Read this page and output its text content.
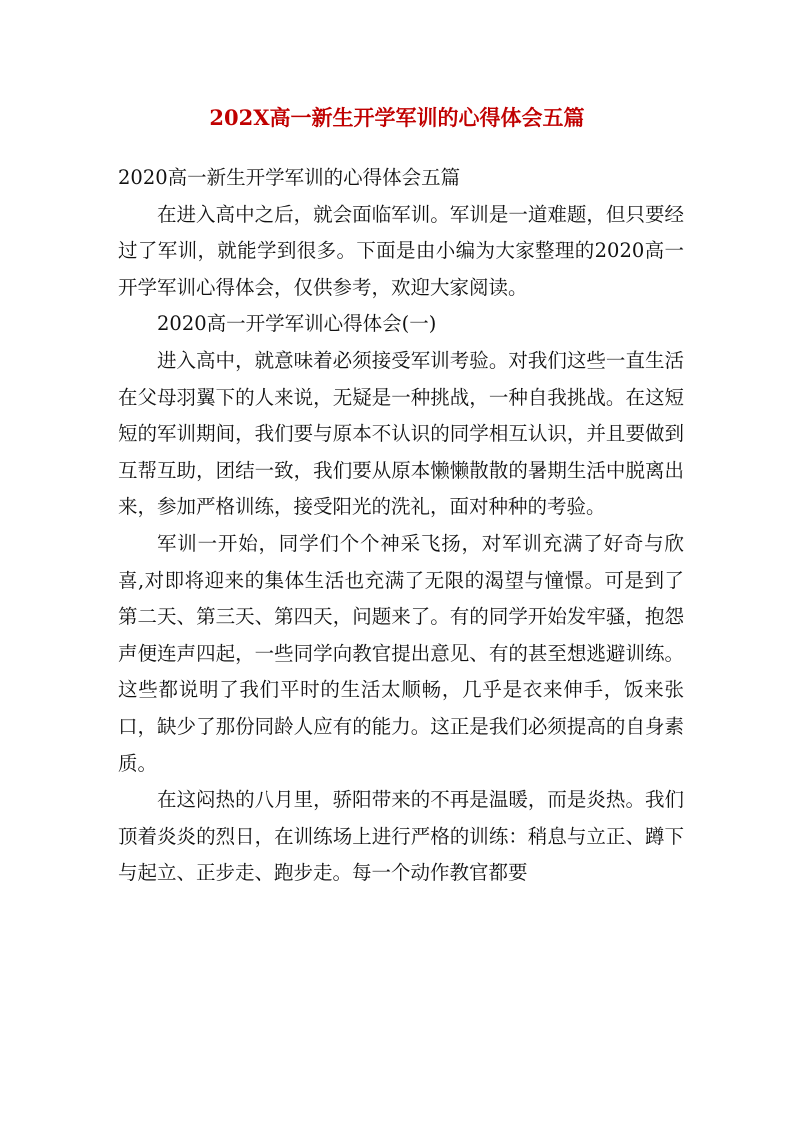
202X高一新生开学军训的心得体会五篇

2020高一新生开学军训的心得体会五篇

在进入高中之后，就会面临军训。军训是一道难题，但只要经过了军训，就能学到很多。下面是由小编为大家整理的2020高一开学军训心得体会，仅供参考，欢迎大家阅读。

2020高一开学军训心得体会(一)

进入高中，就意味着必须接受军训考验。对我们这些一直生活在父母羽翼下的人来说，无疑是一种挑战，一种自我挑战。在这短短的军训期间，我们要与原本不认识的同学相互认识，并且要做到互帮互助，团结一致，我们要从原本懒懒散散的暑期生活中脱离出来，参加严格训练，接受阳光的洗礼，面对种种的考验。

军训一开始，同学们个个神采飞扬，对军训充满了好奇与欣喜,对即将迎来的集体生活也充满了无限的渴望与憧憬。可是到了第二天、第三天、第四天，问题来了。有的同学开始发牢骚，抱怨声便连声四起，一些同学向教官提出意见、有的甚至想逃避训练。这些都说明了我们平时的生活太顺畅，几乎是衣来伸手，饭来张口，缺少了那份同龄人应有的能力。这正是我们必须提高的自身素质。

在这闷热的八月里，骄阳带来的不再是温暖，而是炎热。我们顶着炎炎的烈日，在训练场上进行严格的训练：稍息与立正、蹲下与起立、正步走、跑步走。每一个动作教官都要
